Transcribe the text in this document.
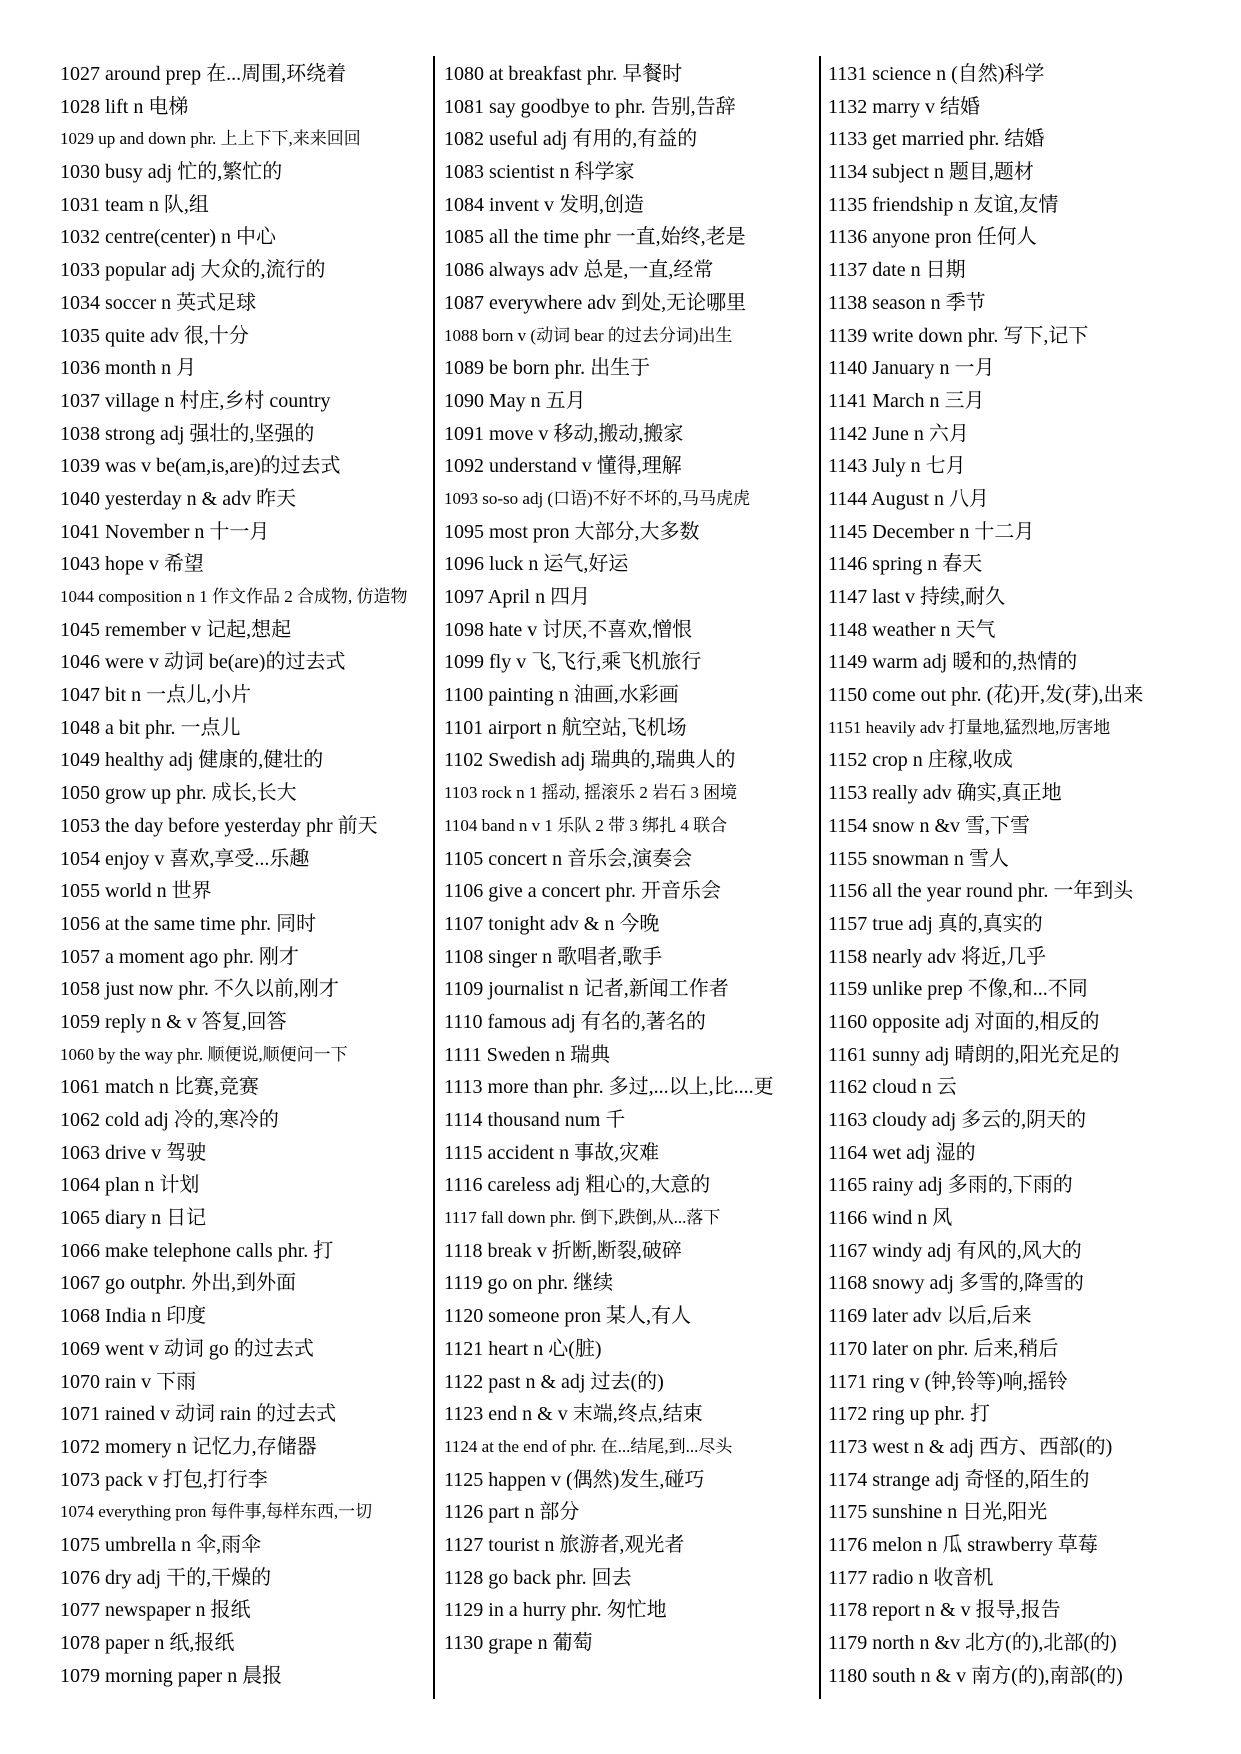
1027 around prep 在...周围,环绕着
1028 lift n 电梯
1029 up and down phr. 上上下下,来来回回
1030 busy adj 忙的,繁忙的
1031 team n 队,组
1032 centre(center) n 中心
1033 popular adj 大众的,流行的
1034 soccer n 英式足球
1035 quite adv 很,十分
1036 month n 月
1037 village n 村庄,乡村 country
1038 strong adj 强壮的,坚强的
1039 was v be(am,is,are)的过去式
1040 yesterday n & adv 昨天
1041 November n 十一月
1043 hope v 希望
1044 composition n 1 作文作品 2 合成物, 仿造物
1045 remember v 记起,想起
1046 were v 动词 be(are)的过去式
1047 bit n 一点儿,小片
1048 a bit phr. 一点儿
1049 healthy adj 健康的,健壮的
1050 grow up phr. 成长,长大
1053 the day before yesterday phr 前天
1054 enjoy v 喜欢,享受...乐趣
1055 world n 世界
1056 at the same time phr. 同时
1057 a moment ago phr. 刚才
1058 just now phr. 不久以前,刚才
1059 reply n & v 答复,回答
1060 by the way phr. 顺便说,顺便问一下
1061 match n 比赛,竞赛
1062 cold adj 冷的,寒冷的
1063 drive v 驾驶
1064 plan n 计划
1065 diary n 日记
1066 make telephone calls phr. 打
1067 go outphr. 外出,到外面
1068 India n 印度
1069 went v 动词 go 的过去式
1070 rain v 下雨
1071 rained v 动词 rain 的过去式
1072 momery n 记忆力,存储器
1073 pack v 打包,打行李
1074 everything pron 每件事,每样东西,一切
1075 umbrella n 伞,雨伞
1076 dry adj 干的,干燥的
1077 newspaper n 报纸
1078 paper n 纸,报纸
1079 morning paper n 晨报
1080 at breakfast phr. 早餐时
1081 say goodbye to phr. 告别,告辞
1082 useful adj 有用的,有益的
1083 scientist n 科学家
1084 invent v 发明,创造
1085 all the time phr 一直,始终,老是
1086 always adv 总是,一直,经常
1087 everywhere adv 到处,无论哪里
1088 born v (动词 bear 的过去分词)出生
1089 be born phr. 出生于
1090 May n 五月
1091 move v 移动,搬动,搬家
1092 understand v 懂得,理解
1093 so-so adj (口语)不好不坏的,马马虎虎
1095 most pron 大部分,大多数
1096 luck n 运气,好运
1097 April n 四月
1098 hate v 讨厌,不喜欢,憎恨
1099 fly v 飞,飞行,乘飞机旅行
1100 painting n 油画,水彩画
1101 airport n 航空站,飞机场
1102 Swedish adj 瑞典的,瑞典人的
1103 rock n 1 摇动, 摇滚乐 2 岩石 3 困境
1104 band n v 1 乐队 2 带 3 绑扎 4 联合
1105 concert n 音乐会,演奏会
1106 give a concert phr. 开音乐会
1107 tonight adv & n 今晚
1108 singer n 歌唱者,歌手
1109 journalist n 记者,新闻工作者
1110 famous adj 有名的,著名的
1111 Sweden n 瑞典
1113 more than phr. 多过,...以上,比....更
1114 thousand num 千
1115 accident n 事故,灾难
1116 careless adj 粗心的,大意的
1117 fall down phr. 倒下,跌倒,从...落下
1118 break v 折断,断裂,破碎
1119 go on phr. 继续
1120 someone pron 某人,有人
1121 heart n 心(脏)
1122 past n & adj 过去(的)
1123 end n & v 末端,终点,结束
1124 at the end of phr. 在...结尾,到...尽头
1125 happen v (偶然)发生,碰巧
1126 part n 部分
1127 tourist n 旅游者,观光者
1128 go back phr. 回去
1129 in a hurry phr. 匆忙地
1130 grape n 葡萄
1131 science n (自然)科学
1132 marry v 结婚
1133 get married phr. 结婚
1134 subject n 题目,题材
1135 friendship n 友谊,友情
1136 anyone pron 任何人
1137 date n 日期
1138 season n 季节
1139 write down phr. 写下,记下
1140 January n 一月
1141 March n 三月
1142 June n 六月
1143 July n 七月
1144 August n 八月
1145 December n 十二月
1146 spring n 春天
1147 last v 持续,耐久
1148 weather n 天气
1149 warm adj 暖和的,热情的
1150 come out phr. (花)开,发(芽),出来
1151 heavily adv 打量地,猛烈地,厉害地
1152 crop n 庄稼,收成
1153 really adv 确实,真正地
1154 snow n &v 雪,下雪
1155 snowman n 雪人
1156 all the year round phr. 一年到头
1157 true adj 真的,真实的
1158 nearly adv 将近,几乎
1159 unlike prep 不像,和...不同
1160 opposite adj 对面的,相反的
1161 sunny adj 晴朗的,阳光充足的
1162 cloud n 云
1163 cloudy adj 多云的,阴天的
1164 wet adj 湿的
1165 rainy adj 多雨的,下雨的
1166 wind n 风
1167 windy adj 有风的,风大的
1168 snowy adj 多雪的,降雪的
1169 later adv 以后,后来
1170 later on phr. 后来,稍后
1171 ring v (钟,铃等)响,摇铃
1172 ring up phr. 打
1173 west n & adj 西方、西部(的)
1174 strange adj 奇怪的,陌生的
1175 sunshine n 日光,阳光
1176 melon n 瓜 strawberry 草莓
1177 radio n 收音机
1178 report n & v 报导,报告
1179 north n &v 北方(的),北部(的)
1180 south n & v 南方(的),南部(的)
